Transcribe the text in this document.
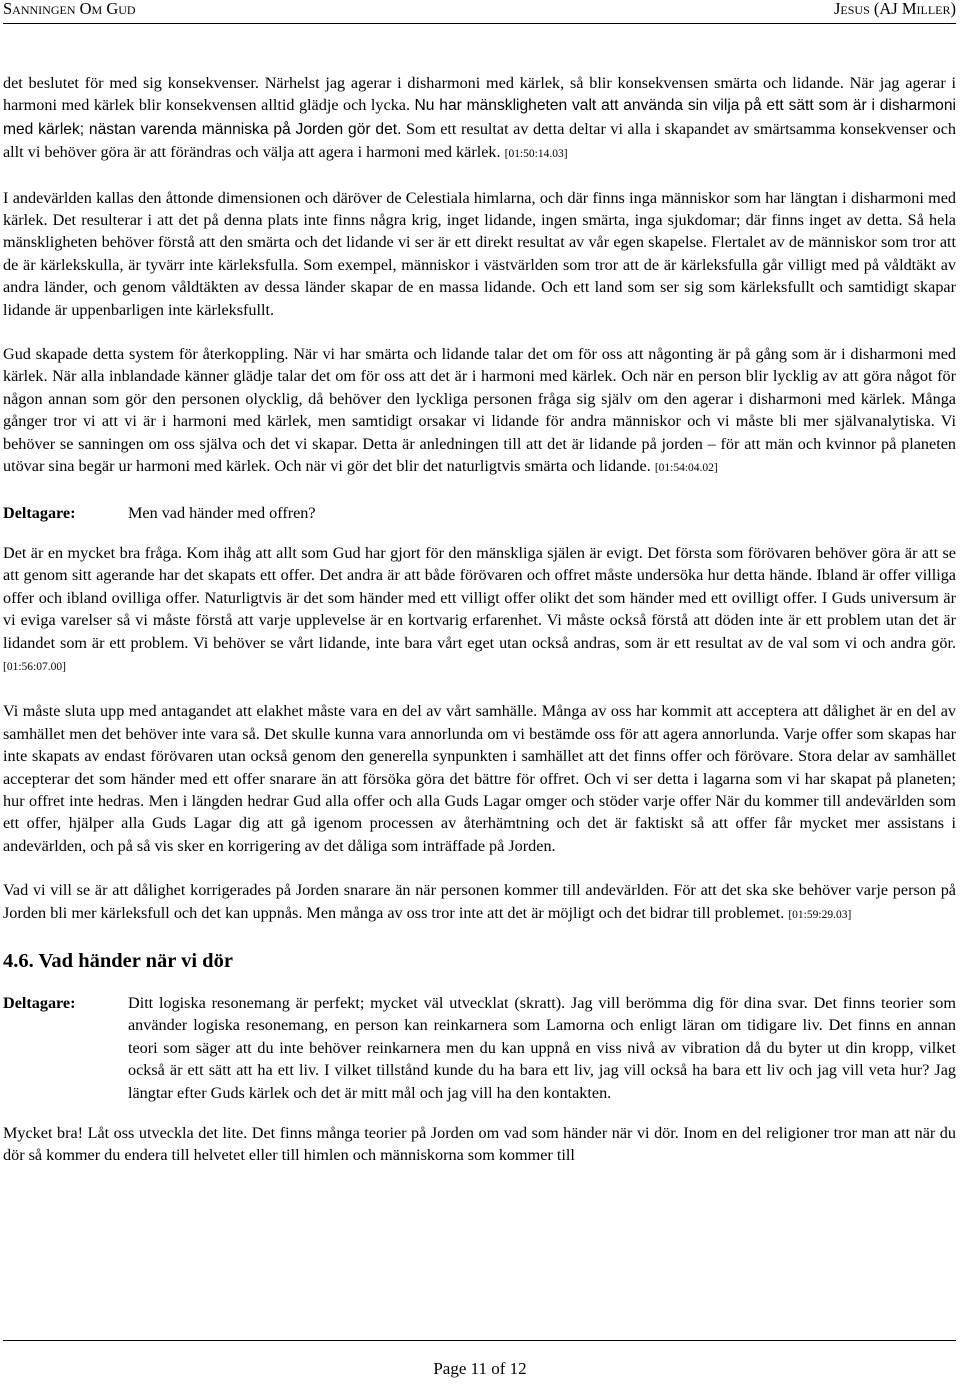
Sanningen Om Gud	Jesus (AJ Miller)

det beslutet för med sig konsekvenser. Närhelst jag agerar i disharmoni med kärlek, så blir konsekvensen smärta och lidande. När jag agerar i harmoni med kärlek blir konsekvensen alltid glädje och lycka. Nu har mänskligheten valt att använda sin vilja på ett sätt som är i disharmoni med kärlek; nästan varenda människa på Jorden gör det. Som ett resultat av detta deltar vi alla i skapandet av smärtsamma konsekvenser och allt vi behöver göra är att förändras och välja att agera i harmoni med kärlek. [01:50:14.03]

I andevärlden kallas den åttonde dimensionen och däröver de Celestiala himlarna, och där finns inga människor som har längtan i disharmoni med kärlek. Det resulterar i att det på denna plats inte finns några krig, inget lidande, ingen smärta, inga sjukdomar; där finns inget av detta. Så hela mänskligheten behöver förstå att den smärta och det lidande vi ser är ett direkt resultat av vår egen skapelse. Flertalet av de människor som tror att de är kärlekskulla, är tyvärr inte kärleksfulla. Som exempel, människor i västvärlden som tror att de är kärleksfulla går villigt med på våldtäkt av andra länder, och genom våldtäkten av dessa länder skapar de en massa lidande. Och ett land som ser sig som kärleksfullt och samtidigt skapar lidande är uppenbarligen inte kärleksfullt.

Gud skapade detta system för återkoppling. När vi har smärta och lidande talar det om för oss att någonting är på gång som är i disharmoni med kärlek. När alla inblandade känner glädje talar det om för oss att det är i harmoni med kärlek. Och när en person blir lycklig av att göra något för någon annan som gör den personen olycklig, då behöver den lyckliga personen fråga sig själv om den agerar i disharmoni med kärlek. Många gånger tror vi att vi är i harmoni med kärlek, men samtidigt orsakar vi lidande för andra människor och vi måste bli mer självanalytiska. Vi behöver se sanningen om oss själva och det vi skapar. Detta är anledningen till att det är lidande på jorden – för att män och kvinnor på planeten utövar sina begär ur harmoni med kärlek. Och när vi gör det blir det naturligtvis smärta och lidande. [01:54:04.02]

Deltagare:	Men vad händer med offren?

Det är en mycket bra fråga. Kom ihåg att allt som Gud har gjort för den mänskliga själen är evigt. Det första som förövaren behöver göra är att se att genom sitt agerande har det skapats ett offer. Det andra är att både förövaren och offret måste undersöka hur detta hände. Ibland är offer villiga offer och ibland ovilliga offer. Naturligtvis är det som händer med ett villigt offer olikt det som händer med ett ovilligt offer. I Guds universum är vi eviga varelser så vi måste förstå att varje upplevelse är en kortvarig erfarenhet. Vi måste också förstå att döden inte är ett problem utan det är lidandet som är ett problem. Vi behöver se vårt lidande, inte bara vårt eget utan också andras, som är ett resultat av de val som vi och andra gör. [01:56:07.00]

Vi måste sluta upp med antagandet att elakhet måste vara en del av vårt samhälle. Många av oss har kommit att acceptera att dålighet är en del av samhället men det behöver inte vara så. Det skulle kunna vara annorlunda om vi bestämde oss för att agera annorlunda. Varje offer som skapas har inte skapats av endast förövaren utan också genom den generella synpunkten i samhället att det finns offer och förövare. Stora delar av samhället accepterar det som händer med ett offer snarare än att försöka göra det bättre för offret. Och vi ser detta i lagarna som vi har skapat på planeten; hur offret inte hedras. Men i längden hedrar Gud alla offer och alla Guds Lagar omger och stöder varje offer När du kommer till andevärlden som ett offer, hjälper alla Guds Lagar dig att gå igenom processen av återhämtning och det är faktiskt så att offer får mycket mer assistans i andevärlden, och på så vis sker en korrigering av det dåliga som inträffade på Jorden.

Vad vi vill se är att dålighet korrigerades på Jorden snarare än när personen kommer till andevärlden. För att det ska ske behöver varje person på Jorden bli mer kärleksfull och det kan uppnås. Men många av oss tror inte att det är möjligt och det bidrar till problemet. [01:59:29.03]

4.6. Vad händer när vi dör
Deltagare:	Ditt logiska resonemang är perfekt; mycket väl utvecklat (skratt). Jag vill berömma dig för dina svar. Det finns teorier som använder logiska resonemang, en person kan reinkarnera som Lamorna och enligt läran om tidigare liv. Det finns en annan teori som säger att du inte behöver reinkarnera men du kan uppnå en viss nivå av vibration då du byter ut din kropp, vilket också är ett sätt att ha ett liv. I vilket tillstånd kunde du ha bara ett liv, jag vill också ha bara ett liv och jag vill veta hur? Jag längtar efter Guds kärlek och det är mitt mål och jag vill ha den kontakten.

Mycket bra! Låt oss utveckla det lite. Det finns många teorier på Jorden om vad som händer när vi dör. Inom en del religioner tror man att när du dör så kommer du endera till helvetet eller till himlen och människorna som kommer till

Page 11 of 12
